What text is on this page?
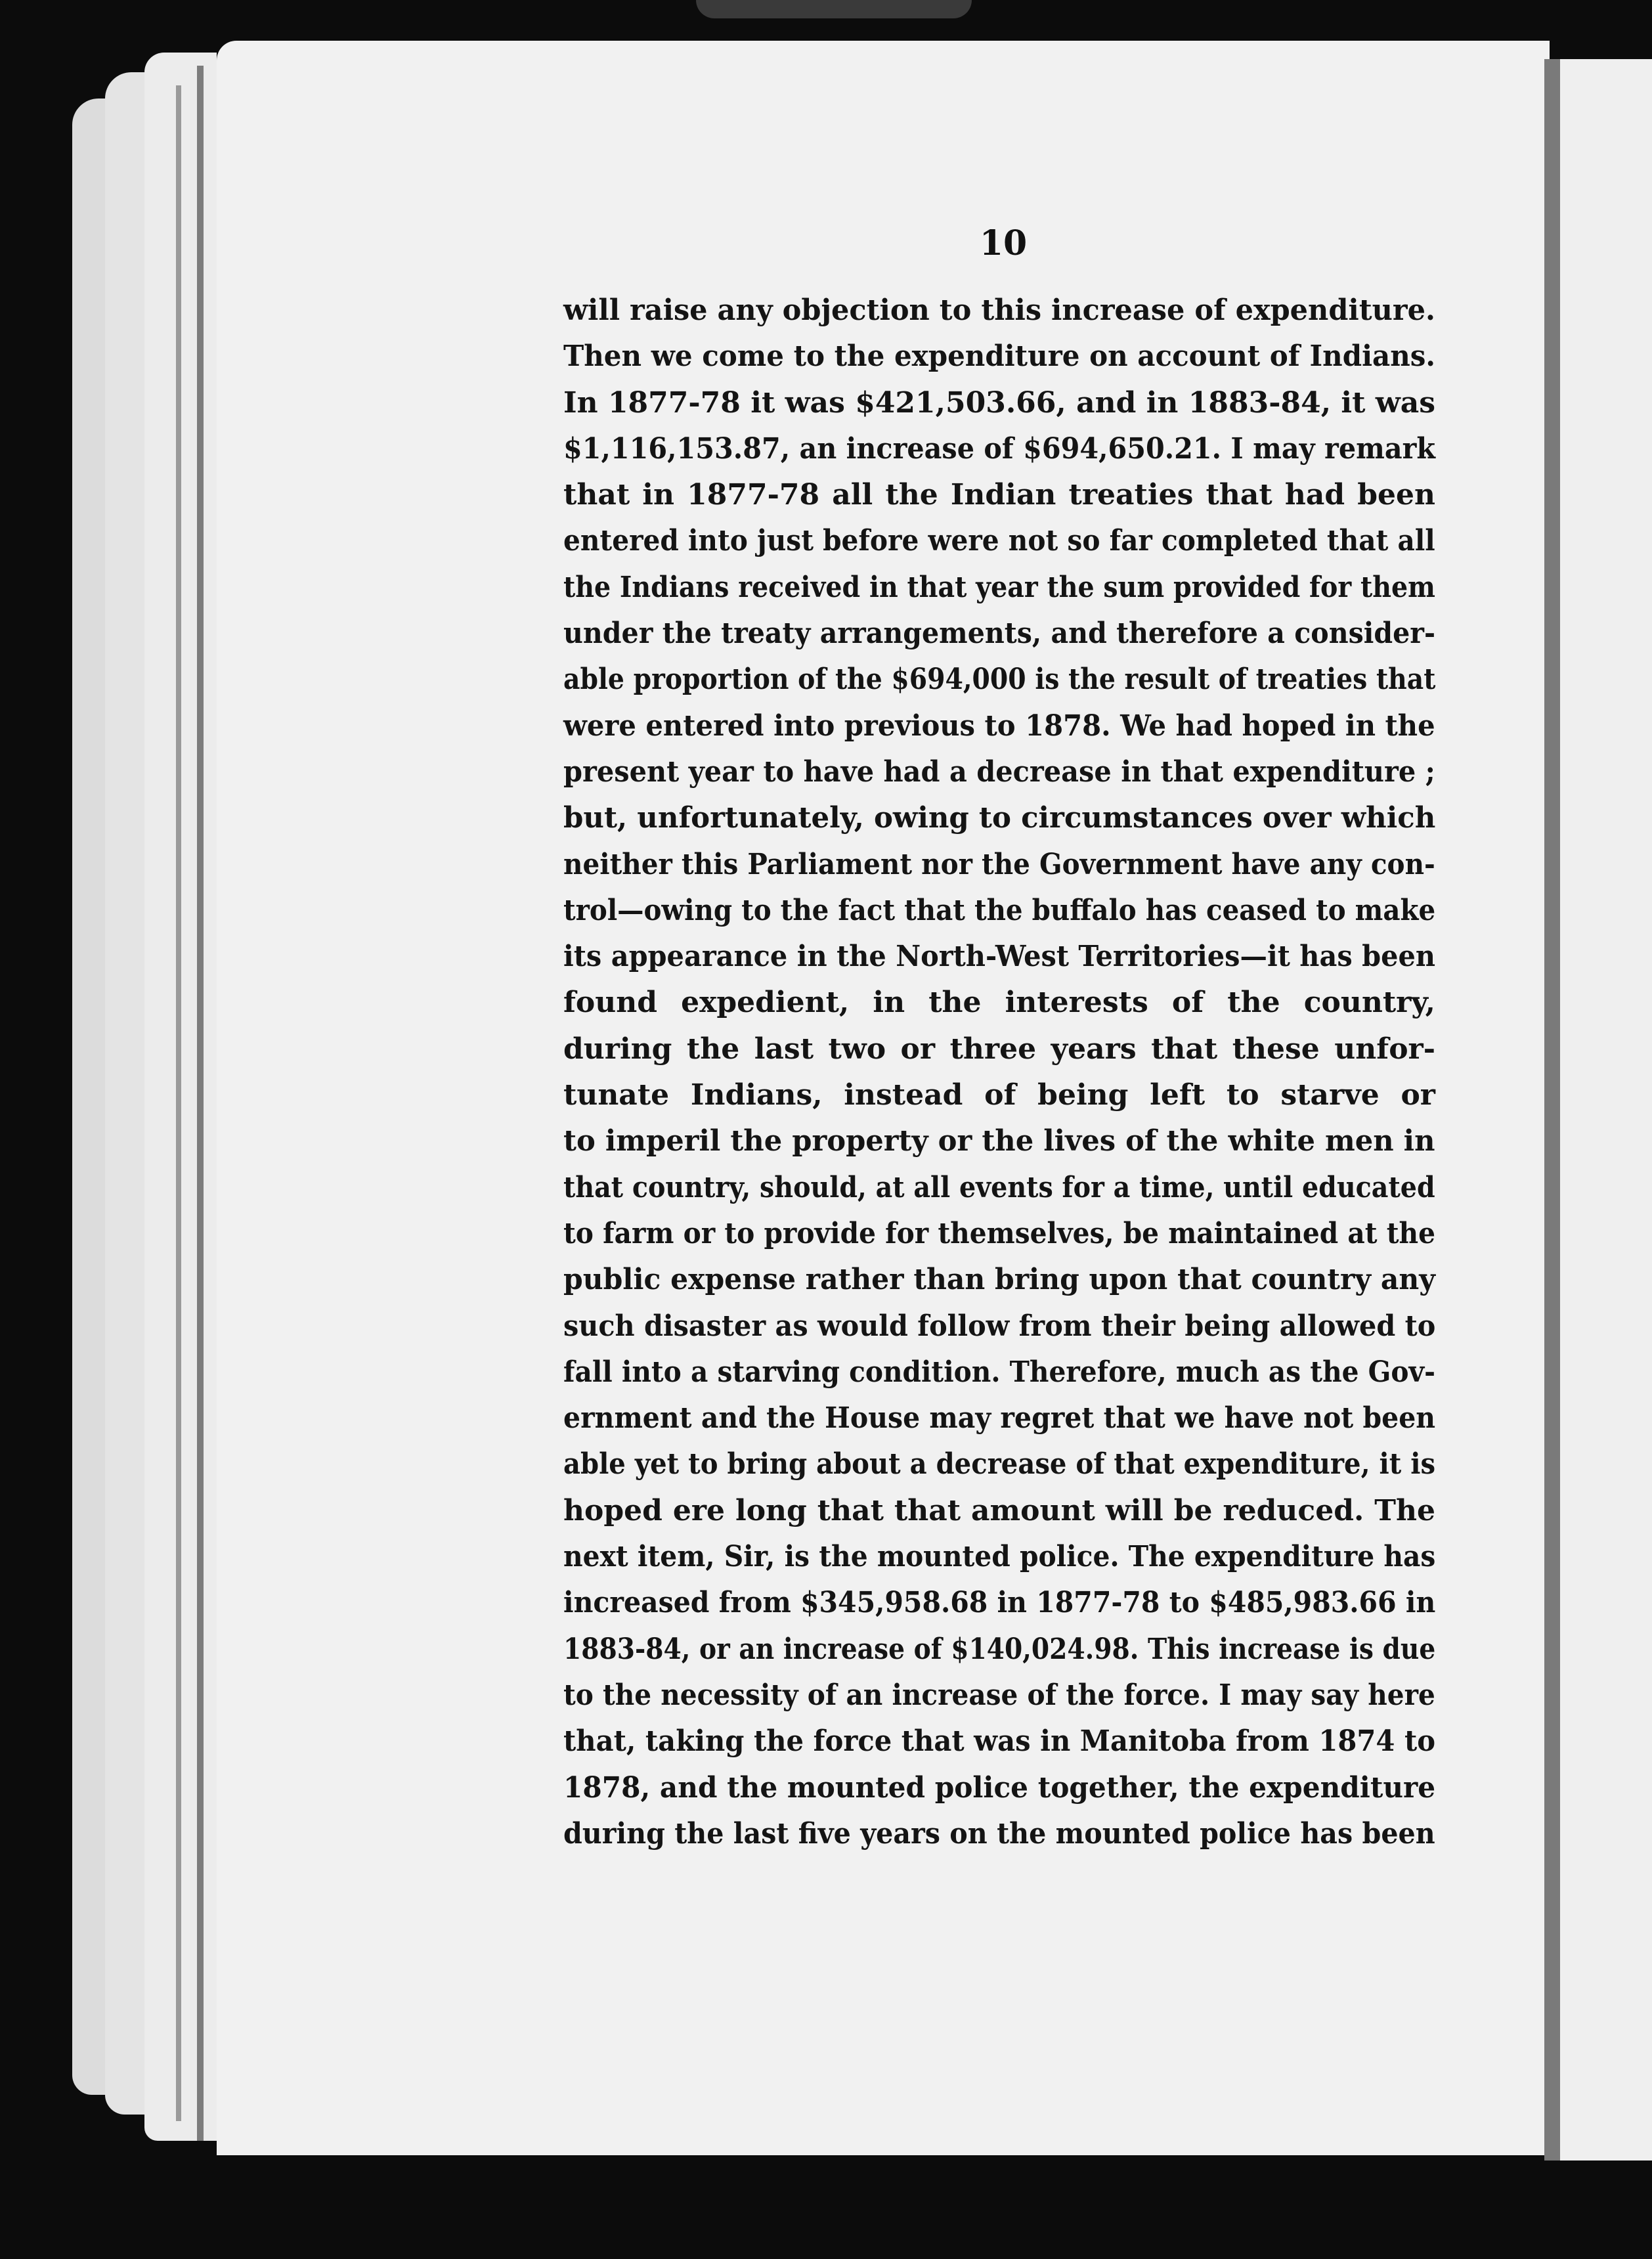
10
will raise any objection to this increase of expenditure. Then we come to the expenditure on account of Indians.
In 1877-78 it was $421,503.66, and in 1883-84, it was
$1,116,153.87, an increase of $694,650.21. I may remark
that in 1877-78 all the Indian treaties that had been
entered into just before were not so far completed that all the Indians received in that year the sum provided for them under the treaty arrangements, and therefore a consider- able proportion of the $694,000 is the result of treaties that were entered into previous to 1878. We had hoped in the present year to have had a decrease in that expenditure ; but, unfortunately, owing to circumstances over which neither this Parliament nor the Government have any con- trol—owing to the fact that the buffalo has ceased to make its appearance in the North-West Territories—it has been
found expedient, in the interests of the country,
during the last two or three years that these unfor-
tunate Indians, instead of being left to starve or
to imperil the property or the lives of the white men in that country, should, at all events for a time, until educated to farm or to provide for themselves, be maintained at the public expense rather than bring upon that country any such disaster as would follow from their being allowed to fall into a starving condition. Therefore, much as the Gov- ernment and the House may regret that we have not been able yet to bring about a decrease of that expenditure, it is
hoped ere long that that amount will be reduced. The
next item, Sir, is the mounted police. The expenditure has increased from $345,958.68 in 1877-78 to $485,983.66 in 1883-84, or an increase of $140,024.98. This increase is due to the necessity of an increase of the force. I may say here that, taking the force that was in Manitoba from 1874 to 1878, and the mounted police together, the expenditure during the last five years on the mounted police has been
